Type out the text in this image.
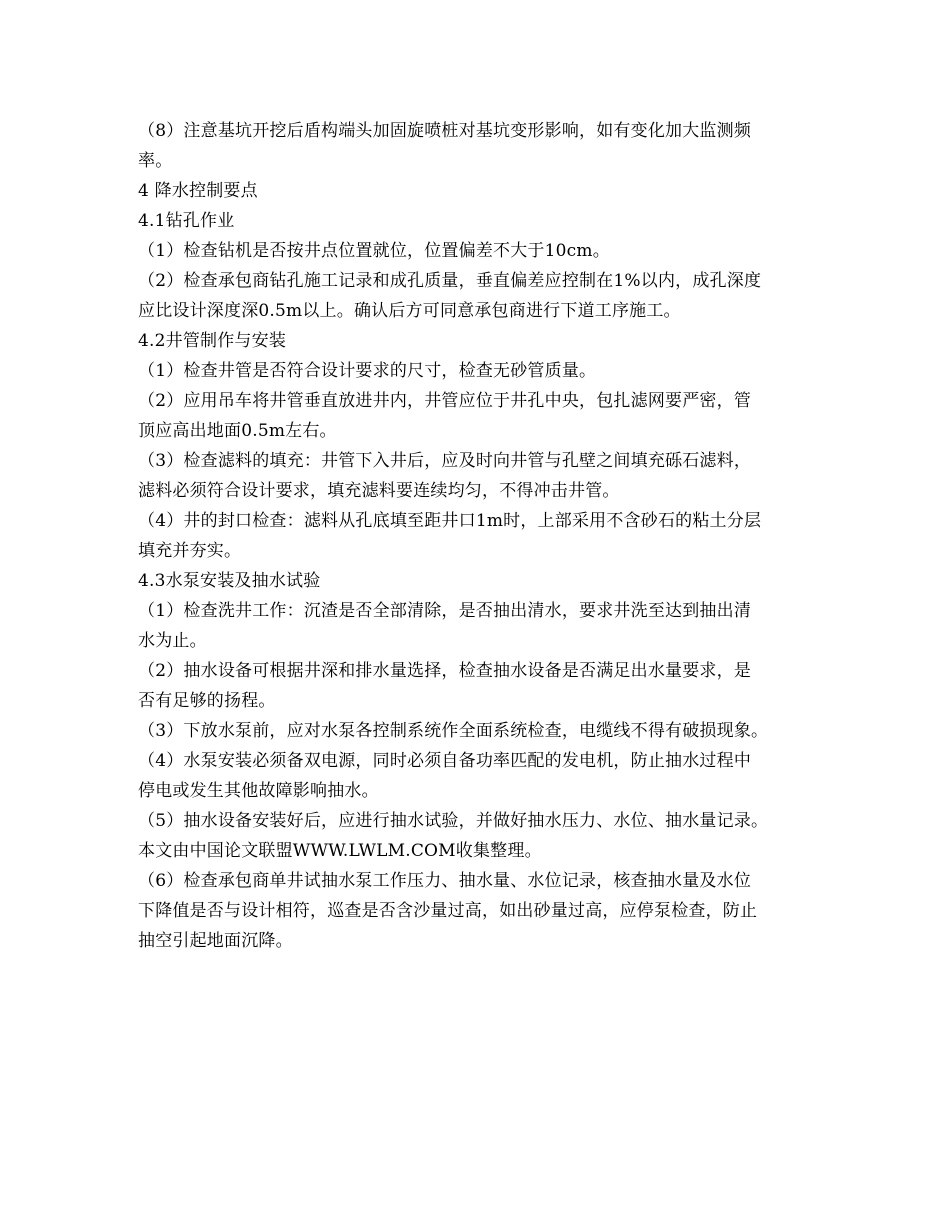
（8）注意基坑开挖后盾构端头加固旋喷桩对基坑变形影响，如有变化加大监测频
率。
4 降水控制要点
4.1钻孔作业
（1）检查钻机是否按井点位置就位，位置偏差不大于10cm。
（2）检查承包商钻孔施工记录和成孔质量，垂直偏差应控制在1%以内，成孔深度
应比设计深度深0.5m以上。确认后方可同意承包商进行下道工序施工。
4.2井管制作与安装
（1）检查井管是否符合设计要求的尺寸，检查无砂管质量。
（2）应用吊车将井管垂直放进井内，井管应位于井孔中央，包扎滤网要严密，管
顶应高出地面0.5m左右。
（3）检查滤料的填充：井管下入井后，应及时向井管与孔壁之间填充砾石滤料，
滤料必须符合设计要求，填充滤料要连续均匀，不得冲击井管。
（4）井的封口检查：滤料从孔底填至距井口1m时，上部采用不含砂石的粘土分层
填充并夯实。
4.3水泵安装及抽水试验
（1）检查洗井工作：沉渣是否全部清除，是否抽出清水，要求井洗至达到抽出清
水为止。
（2）抽水设备可根据井深和排水量选择，检查抽水设备是否满足出水量要求，是
否有足够的扬程。
（3）下放水泵前，应对水泵各控制系统作全面系统检查，电缆线不得有破损现象。
（4）水泵安装必须备双电源，同时必须自备功率匹配的发电机，防止抽水过程中
停电或发生其他故障影响抽水。
（5）抽水设备安装好后，应进行抽水试验，并做好抽水压力、水位、抽水量记录。
本文由中国论文联盟WWW.LWLM.COM收集整理。
（6）检查承包商单井试抽水泵工作压力、抽水量、水位记录，核查抽水量及水位
下降值是否与设计相符，巡查是否含沙量过高，如出砂量过高，应停泵检查，防止
抽空引起地面沉降。
